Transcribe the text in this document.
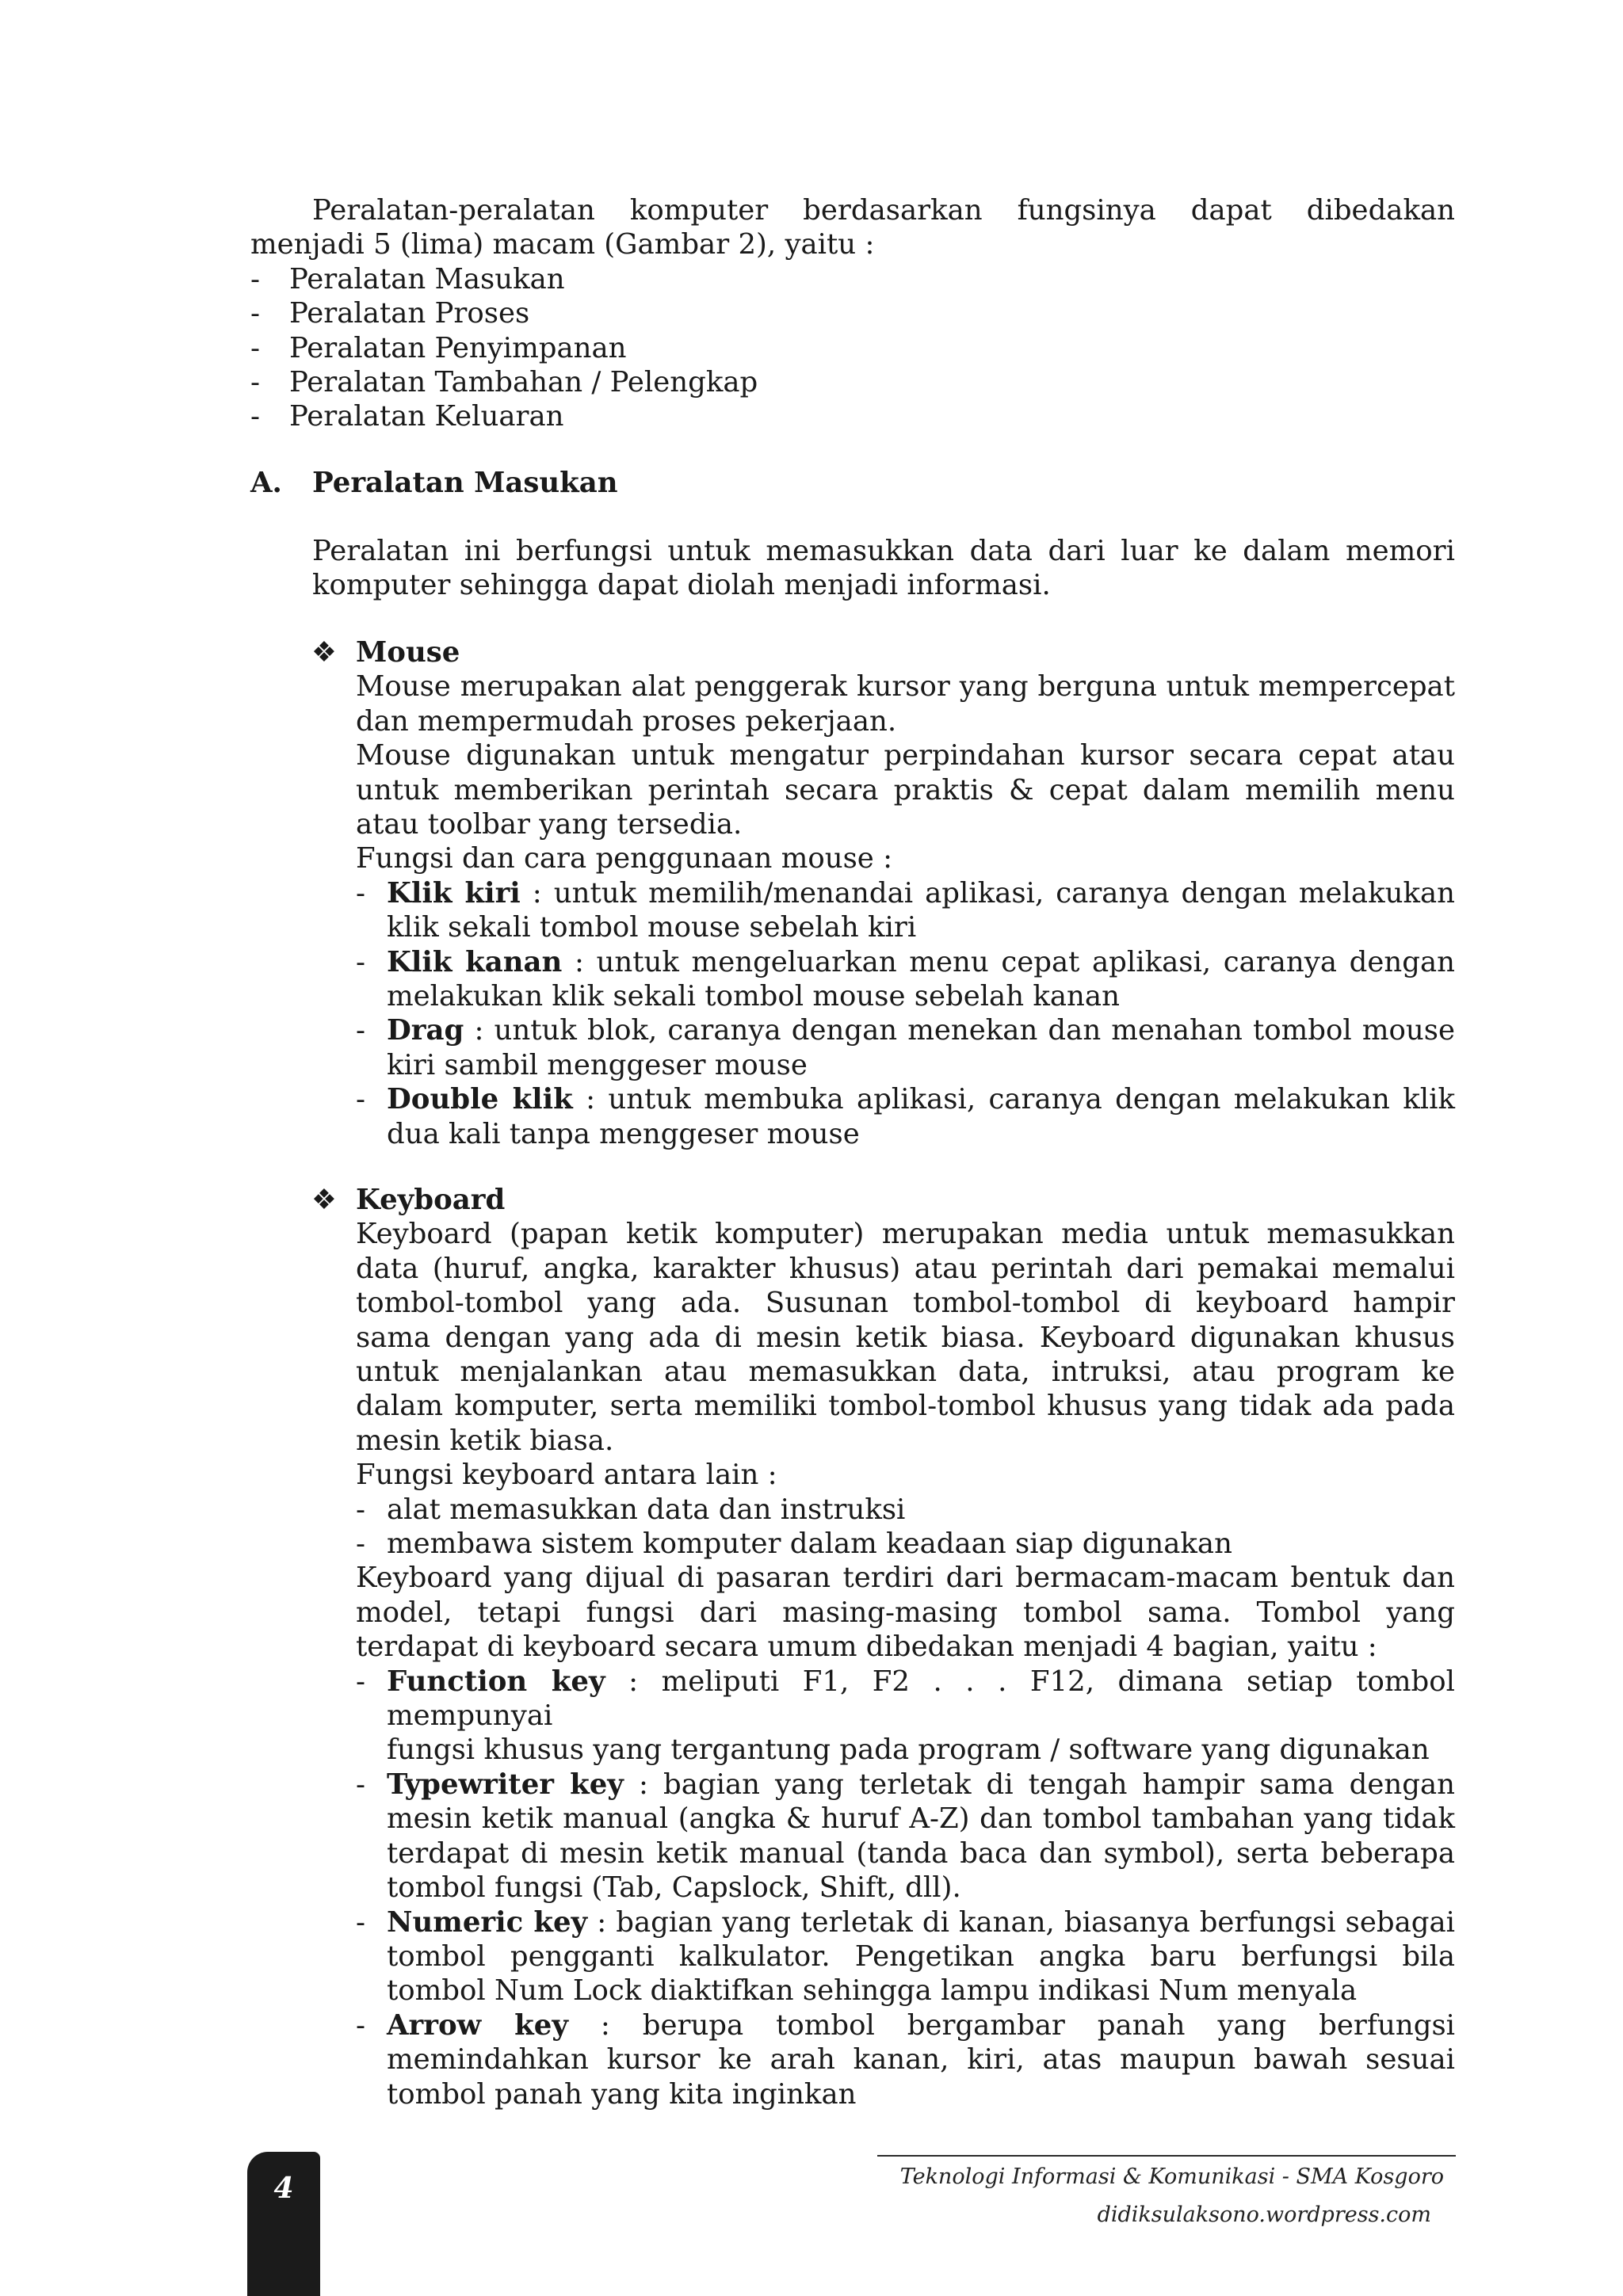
Peralatan-peralatan komputer berdasarkan fungsinya dapat dibedakan
menjadi 5 (lima) macam (Gambar 2), yaitu :
- Peralatan Masukan
- Peralatan Proses
- Peralatan Penyimpanan
- Peralatan Tambahan / Pelengkap
- Peralatan Keluaran
A. Peralatan Masukan
Peralatan ini berfungsi untuk memasukkan data dari luar ke dalam memori
komputer sehingga dapat diolah menjadi informasi.
❖ Mouse
Mouse merupakan alat penggerak kursor yang berguna untuk mempercepat
dan mempermudah proses pekerjaan.
Mouse digunakan untuk mengatur perpindahan kursor secara cepat atau
untuk memberikan perintah secara praktis & cepat dalam memilih menu
atau toolbar yang tersedia.
Fungsi dan cara penggunaan mouse :
- Klik kiri : untuk memilih/menandai aplikasi, caranya dengan melakukan
klik sekali tombol mouse sebelah kiri
- Klik kanan : untuk mengeluarkan menu cepat aplikasi, caranya dengan
melakukan klik sekali tombol mouse sebelah kanan
- Drag : untuk blok, caranya dengan menekan dan menahan tombol mouse
kiri sambil menggeser mouse
- Double klik : untuk membuka aplikasi, caranya dengan melakukan klik
dua kali tanpa menggeser mouse
❖ Keyboard
Keyboard (papan ketik komputer) merupakan media untuk memasukkan
data (huruf, angka, karakter khusus) atau perintah dari pemakai memalui
tombol-tombol yang ada. Susunan tombol-tombol di keyboard hampir
sama dengan yang ada di mesin ketik biasa. Keyboard digunakan khusus
untuk menjalankan atau memasukkan data, intruksi, atau program ke
dalam komputer, serta memiliki tombol-tombol khusus yang tidak ada pada
mesin ketik biasa.
Fungsi keyboard antara lain :
- alat memasukkan data dan instruksi
- membawa sistem komputer dalam keadaan siap digunakan
Keyboard yang dijual di pasaran terdiri dari bermacam-macam bentuk dan
model, tetapi fungsi dari masing-masing tombol sama. Tombol yang
terdapat di keyboard secara umum dibedakan menjadi 4 bagian, yaitu :
- Function key : meliputi F1, F2 . . . F12, dimana setiap tombol mempunyai
fungsi khusus yang tergantung pada program / software yang digunakan
- Typewriter key : bagian yang terletak di tengah hampir sama dengan
mesin ketik manual (angka & huruf A-Z) dan tombol tambahan yang tidak
terdapat di mesin ketik manual (tanda baca dan symbol), serta beberapa
tombol fungsi (Tab, Capslock, Shift, dll).
- Numeric key : bagian yang terletak di kanan, biasanya berfungsi sebagai
tombol pengganti kalkulator. Pengetikan angka baru berfungsi bila
tombol Num Lock diaktifkan sehingga lampu indikasi Num menyala
- Arrow key : berupa tombol bergambar panah yang berfungsi
memindahkan kursor ke arah kanan, kiri, atas maupun bawah sesuai
tombol panah yang kita inginkan
Teknologi Informasi & Komunikasi - SMA Kosgoro
didiksulaksono.wordpress.com
4
